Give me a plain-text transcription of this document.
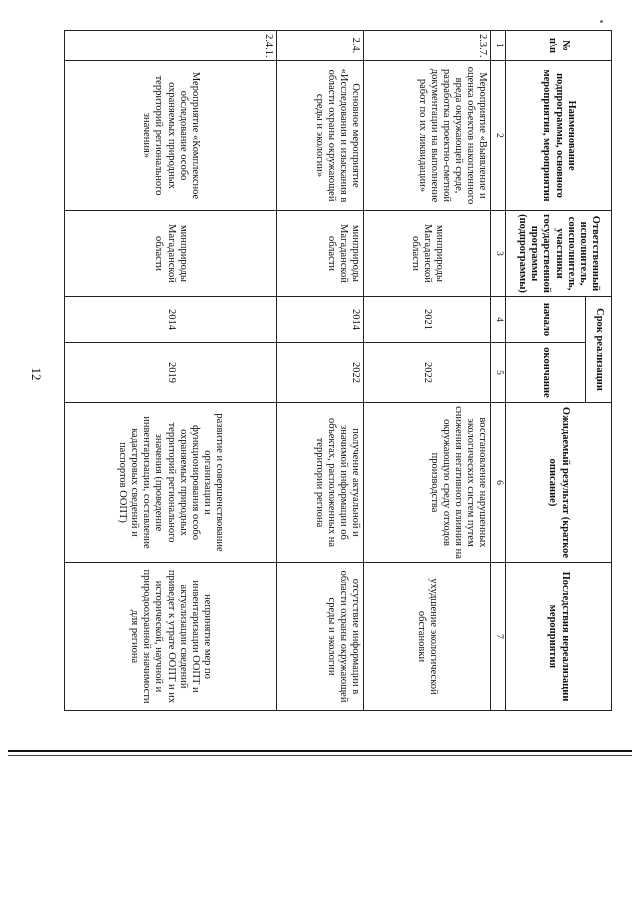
12
№ п\п	Наименование подпрограммы, основного мероприятия, мероприятия	Ответственный исполнитель, соисполнитель, участники государственной программы (подпрограммы)	Срок реализации		Ожидаемый результат (краткое описание)	Последствия нереализации мероприятия
			начало	окончание		
1	2	3	4	5	6	7
2.3.7.	Мероприятие «Выявление и оценка объектов накопленного вреда окружающей среде, разработка проектно-сметной документации на выполнение работ по их ликвидации»	минприроды Магаданской области	2021	2022	восстановление нарушенных экологических систем путем снижения негативного влияния на окружающую среду отходов производства	ухудшение экологической обстановки
2.4.	Основное мероприятие «Исследования и изыскания в области охраны окружающей среды и экологии»	минприроды Магаданской области	2014	2022	получение актуальной и значимой информации об объектах, расположенных на территории региона	отсутствие информации в области охраны окружающей среды и экологии
2.4.1.	Мероприятие «Комплексное обследование особо охраняемых природных территорий регионального значения»	минприроды Магаданской области	2014	2019	развитие и совершенствование организации и функционирования особо охраняемых природных территорий регионального значения (проведение инвентаризации, составление кадастровых сведений и паспортов ООПТ)	непринятие мер по инвентаризации ООПТ и актуализации сведений приведет к утрате ООПТ и их исторической, научной и природоохранной значимости для региона
